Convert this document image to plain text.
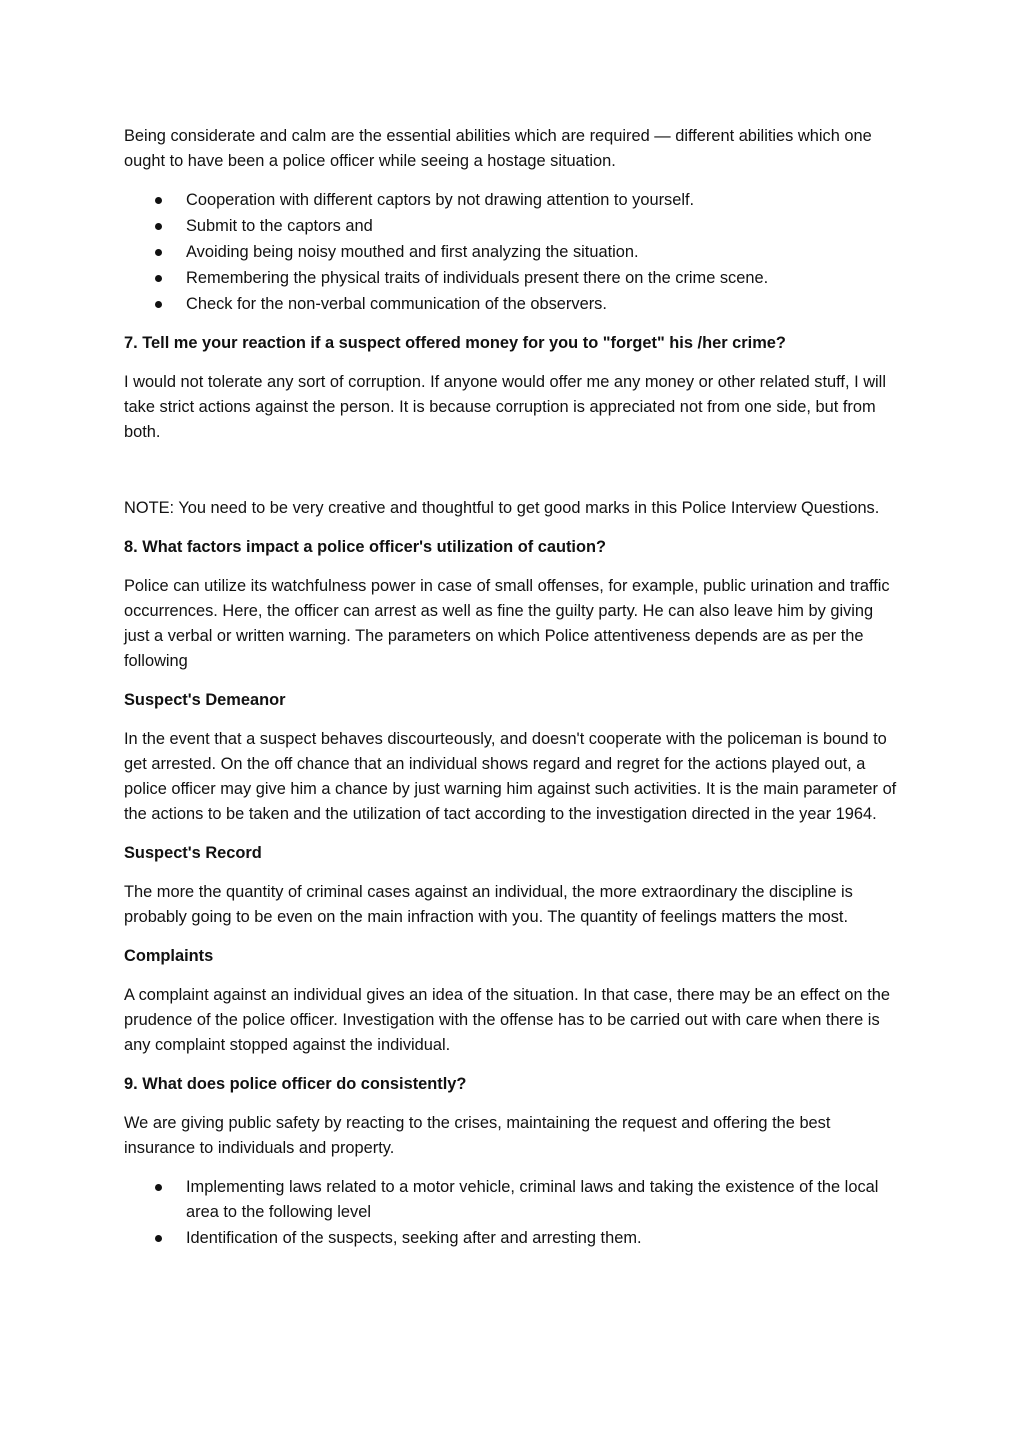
Being considerate and calm are the essential abilities which are required — different abilities which one ought to have been a police officer while seeing a hostage situation.

Cooperation with different captors by not drawing attention to yourself.
Submit to the captors and
Avoiding being noisy mouthed and first analyzing the situation.
Remembering the physical traits of individuals present there on the crime scene.
Check for the non-verbal communication of the observers.

7. Tell me your reaction if a suspect offered money for you to "forget" his /her crime?

I would not tolerate any sort of corruption. If anyone would offer me any money or other related stuff, I will take strict actions against the person. It is because corruption is appreciated not from one side, but from both.

NOTE: You need to be very creative and thoughtful to get good marks in this Police Interview Questions.

8. What factors impact a police officer's utilization of caution?

Police can utilize its watchfulness power in case of small offenses, for example, public urination and traffic occurrences. Here, the officer can arrest as well as fine the guilty party. He can also leave him by giving just a verbal or written warning. The parameters on which Police attentiveness depends are as per the following

Suspect's Demeanor

In the event that a suspect behaves discourteously, and doesn't cooperate with the policeman is bound to get arrested. On the off chance that an individual shows regard and regret for the actions played out, a police officer may give him a chance by just warning him against such activities. It is the main parameter of the actions to be taken and the utilization of tact according to the investigation directed in the year 1964.

Suspect's Record

The more the quantity of criminal cases against an individual, the more extraordinary the discipline is probably going to be even on the main infraction with you. The quantity of feelings matters the most.

Complaints

A complaint against an individual gives an idea of the situation. In that case, there may be an effect on the prudence of the police officer. Investigation with the offense has to be carried out with care when there is any complaint stopped against the individual.

9. What does police officer do consistently?

We are giving public safety by reacting to the crises, maintaining the request and offering the best insurance to individuals and property.

Implementing laws related to a motor vehicle, criminal laws and taking the existence of the local area to the following level
Identification of the suspects, seeking after and arresting them.
